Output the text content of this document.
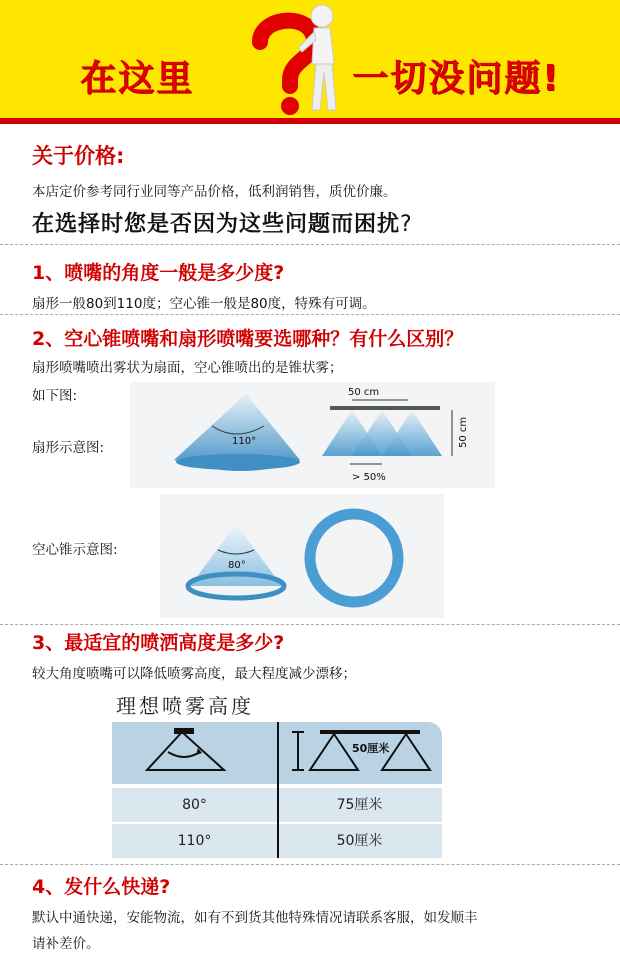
在这里	一切没问题!
关于价格:
本店定价参考同行业同等产品价格，低利润销售，质优价廉。
在选择时您是否因为这些问题而困扰?
1、喷嘴的角度一般是多少度?
扇形一般80到110度；空心锥一般是80度，特殊有可调。
2、空心锥喷嘴和扇形喷嘴要选哪种？有什么区别？
扇形喷嘴喷出雾状为扇面，空心锥喷出的是锥状雾；
如下图:
扇形示意图:	110°
50 cm
50 cm
> 50%
空心锥示意图:
80°
3、最适宜的喷洒高度是多少?
较大角度喷嘴可以降低喷雾高度，最大程度减少漂移；
理想喷雾高度
50厘米
80°	75厘米
110°	50厘米
4、发什么快递?
默认中通快递，安能物流，如有不到货其他特殊情况请联系客服，如发顺丰
请补差价。
